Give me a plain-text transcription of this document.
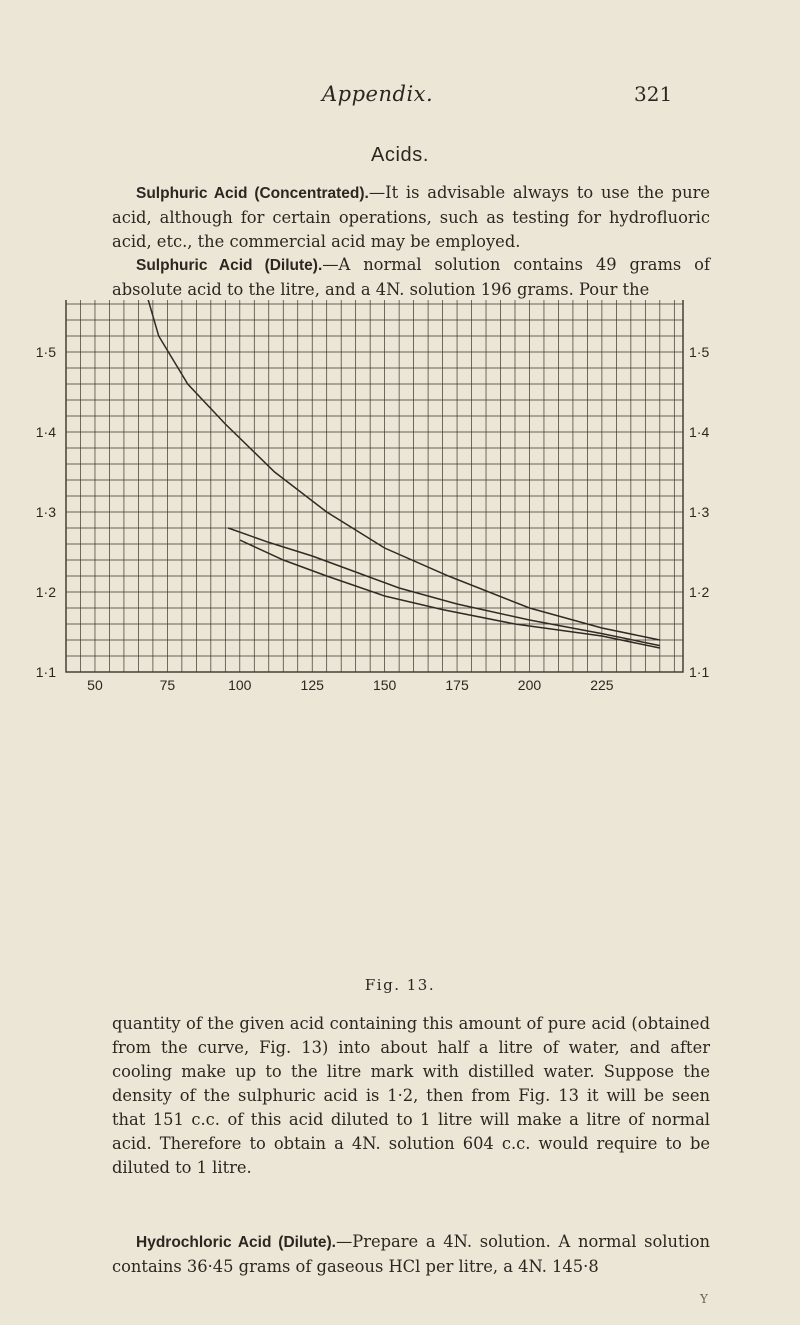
Appendix.	321
Acids.

Sulphuric Acid (Concentrated).—It is advisable always to use the pure acid, although for certain operations, such as testing for hydrofluoric acid, etc., the commercial acid may be employed.

Sulphuric Acid (Dilute).—A normal solution contains 49 grams of absolute acid to the litre, and a 4N. solution 196 grams. Pour the

50	75	100	125	150	175	200	225
1·5
1·4
1·3
1·2
1·1
1·5
1·4
1·3
1·2
1·1
Fig. 13.

quantity of the given acid containing this amount of pure acid (obtained from the curve, Fig. 13) into about half a litre of water, and after cooling make up to the litre mark with distilled water. Suppose the density of the sulphuric acid is 1·2, then from Fig. 13 it will be seen that 151 c.c. of this acid diluted to 1 litre will make a litre of normal acid. Therefore to obtain a 4N. solution 604 c.c. would require to be diluted to 1 litre.

Hydrochloric Acid (Dilute).—Prepare a 4N. solution. A normal solution contains 36·45 grams of gaseous HCl per litre, a 4N. 145·8

Y
